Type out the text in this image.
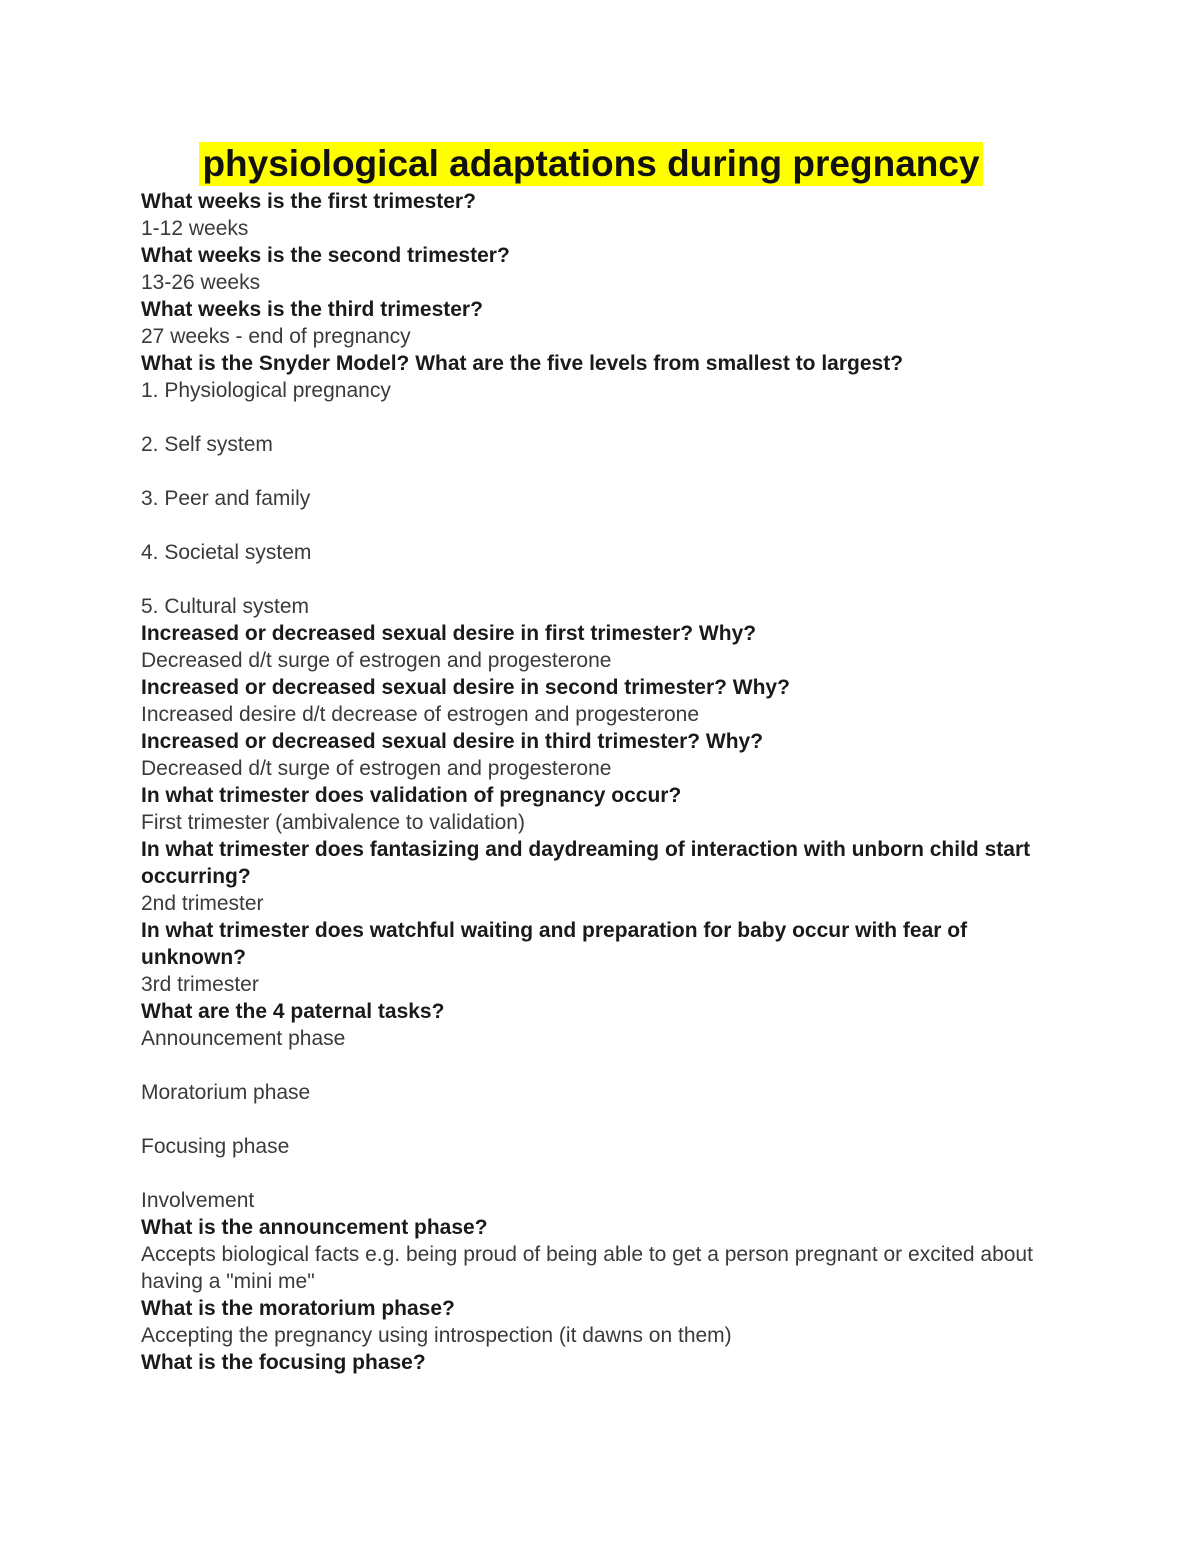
physiological adaptations during pregnancy
What weeks is the first trimester?
1-12 weeks
What weeks is the second trimester?
13-26 weeks
What weeks is the third trimester?
27 weeks - end of pregnancy
What is the Snyder Model? What are the five levels from smallest to largest?
1. Physiological pregnancy
2. Self system
3. Peer and family
4. Societal system
5. Cultural system
Increased or decreased sexual desire in first trimester? Why?
Decreased d/t surge of estrogen and progesterone
Increased or decreased sexual desire in second trimester? Why?
Increased desire d/t decrease of estrogen and progesterone
Increased or decreased sexual desire in third trimester? Why?
Decreased d/t surge of estrogen and progesterone
In what trimester does validation of pregnancy occur?
First trimester (ambivalence to validation)
In what trimester does fantasizing and daydreaming of interaction with unborn child start occurring?
2nd trimester
In what trimester does watchful waiting and preparation for baby occur with fear of unknown?
3rd trimester
What are the 4 paternal tasks?
Announcement phase
Moratorium phase
Focusing phase
Involvement
What is the announcement phase?
Accepts biological facts e.g. being proud of being able to get a person pregnant or excited about having a "mini me"
What is the moratorium phase?
Accepting the pregnancy using introspection (it dawns on them)
What is the focusing phase?
